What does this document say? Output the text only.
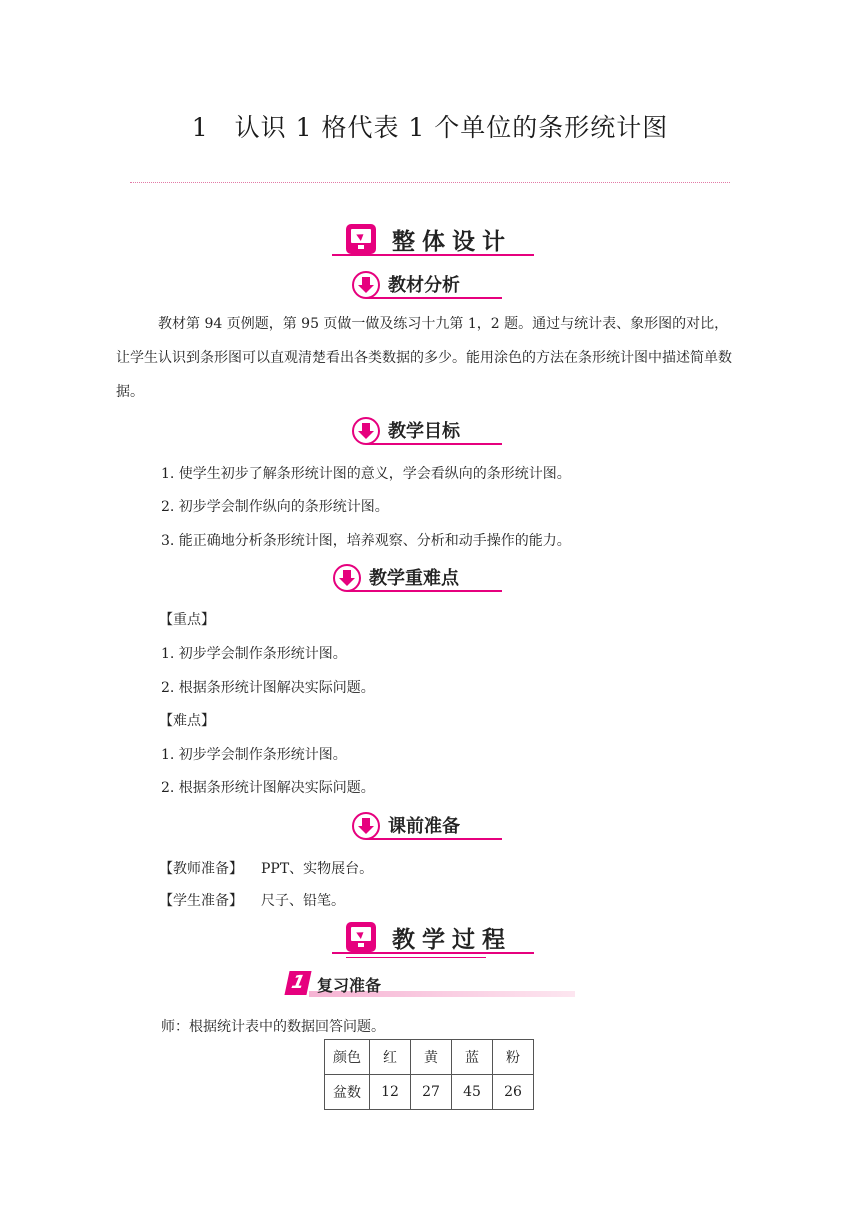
1　认识 1 格代表 1 个单位的条形统计图
整体设计
教材分析
教材第 94 页例题，第 95 页做一做及练习十九第 1，2 题。通过与统计表、象形图的对比，让学生认识到条形图可以直观清楚看出各类数据的多少。能用涂色的方法在条形统计图中描述简单数据。
教学目标
1. 使学生初步了解条形统计图的意义，学会看纵向的条形统计图。
2. 初步学会制作纵向的条形统计图。
3. 能正确地分析条形统计图，培养观察、分析和动手操作的能力。
教学重难点
【重点】
1. 初步学会制作条形统计图。
2. 根据条形统计图解决实际问题。
【难点】
1. 初步学会制作条形统计图。
2. 根据条形统计图解决实际问题。
课前准备
【教师准备】 PPT、实物展台。
【学生准备】 尺子、铅笔。
教学过程
1 复习准备
师：根据统计表中的数据回答问题。
颜色	红	黄	蓝	粉
盆数	12	27	45	26
